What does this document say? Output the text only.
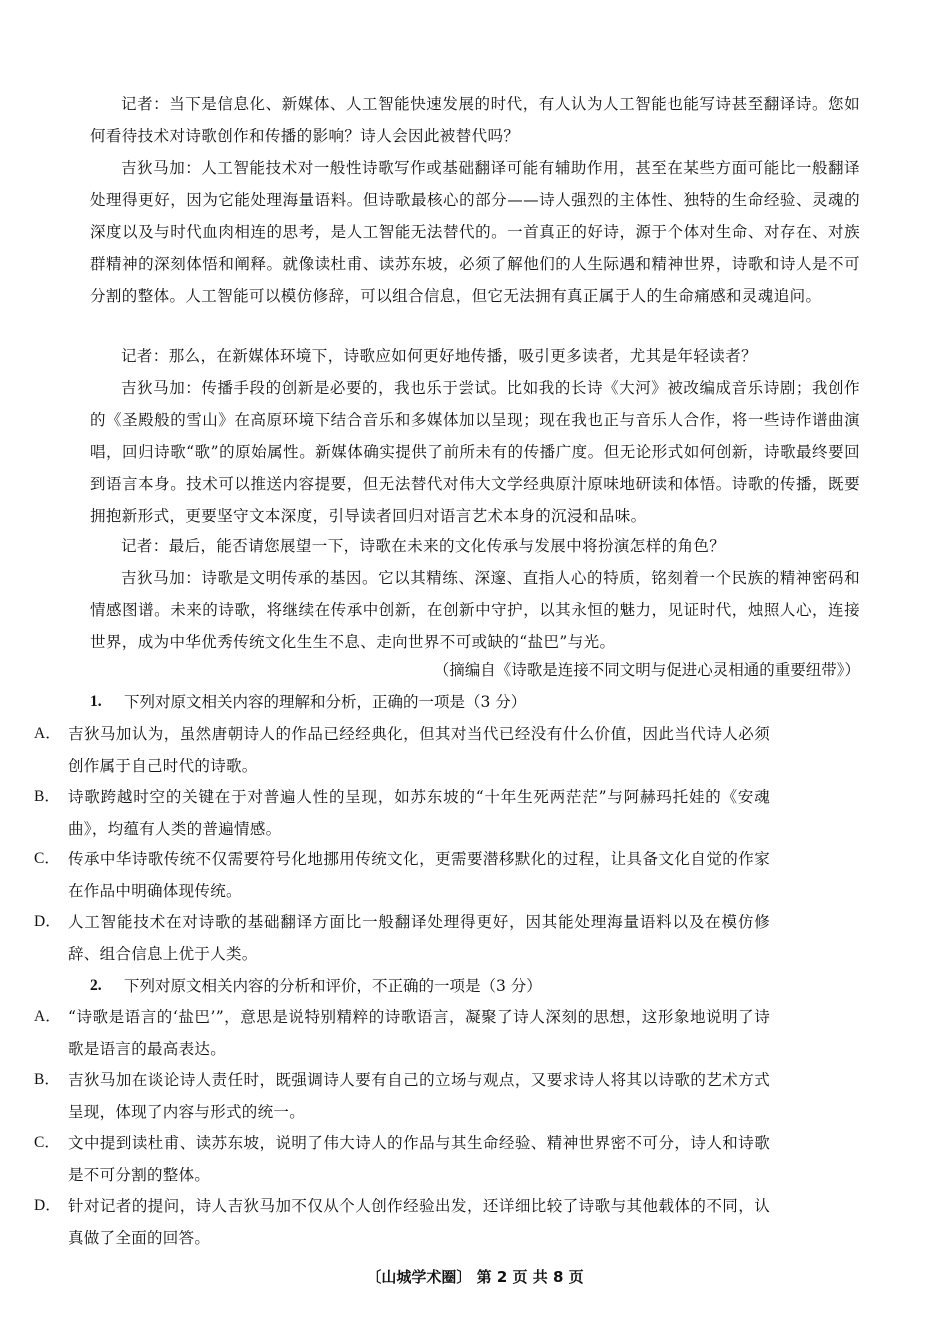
记者：当下是信息化、新媒体、人工智能快速发展的时代，有人认为人工智能也能写诗甚至翻译诗。您如何看待技术对诗歌创作和传播的影响？诗人会因此被替代吗？
吉狄马加：人工智能技术对一般性诗歌写作或基础翻译可能有辅助作用，甚至在某些方面可能比一般翻译处理得更好，因为它能处理海量语料。但诗歌最核心的部分——诗人强烈的主体性、独特的生命经验、灵魂的深度以及与时代血肉相连的思考，是人工智能无法替代的。一首真正的好诗，源于个体对生命、对存在、对族群精神的深刻体悟和阐释。就像读杜甫、读苏东坡，必须了解他们的人生际遇和精神世界，诗歌和诗人是不可分割的整体。人工智能可以模仿修辞，可以组合信息，但它无法拥有真正属于人的生命痛感和灵魂追问。
记者：那么，在新媒体环境下，诗歌应如何更好地传播，吸引更多读者，尤其是年轻读者？
吉狄马加：传播手段的创新是必要的，我也乐于尝试。比如我的长诗《大河》被改编成音乐诗剧；我创作的《圣殿般的雪山》在高原环境下结合音乐和多媒体加以呈现；现在我也正与音乐人合作，将一些诗作谱曲演唱，回归诗歌“歌”的原始属性。新媒体确实提供了前所未有的传播广度。但无论形式如何创新，诗歌最终要回到语言本身。技术可以推送内容提要，但无法替代对伟大文学经典原汁原味地研读和体悟。诗歌的传播，既要拥抱新形式，更要坚守文本深度，引导读者回归对语言艺术本身的沉浸和品味。
记者：最后，能否请您展望一下，诗歌在未来的文化传承与发展中将扮演怎样的角色？
吉狄马加：诗歌是文明传承的基因。它以其精练、深邃、直指人心的特质，铭刻着一个民族的精神密码和情感图谱。未来的诗歌，将继续在传承中创新，在创新中守护，以其永恒的魅力，见证时代，烛照人心，连接世界，成为中华优秀传统文化生生不息、走向世界不可或缺的“盐巴”与光。
（摘编自《诗歌是连接不同文明与促进心灵相通的重要纽带》）
1.	下列对原文相关内容的理解和分析，正确的一项是（3 分）
A． 吉狄马加认为，虽然唐朝诗人的作品已经经典化，但其对当代已经没有什么价值，因此当代诗人必须创作属于自己时代的诗歌。
B． 诗歌跨越时空的关键在于对普遍人性的呈现，如苏东坡的“十年生死两茫茫”与阿赫玛托娃的《安魂曲》，均蕴有人类的普遍情感。
C． 传承中华诗歌传统不仅需要符号化地挪用传统文化，更需要潜移默化的过程，让具备文化自觉的作家在作品中明确体现传统。
D． 人工智能技术在对诗歌的基础翻译方面比一般翻译处理得更好，因其能处理海量语料以及在模仿修辞、组合信息上优于人类。
2.	下列对原文相关内容的分析和评价，不正确的一项是（3 分）
A． “诗歌是语言的‘盐巴’”，意思是说特别精粹的诗歌语言，凝聚了诗人深刻的思想，这形象地说明了诗歌是语言的最高表达。
B． 吉狄马加在谈论诗人责任时，既强调诗人要有自己的立场与观点，又要求诗人将其以诗歌的艺术方式呈现，体现了内容与形式的统一。
C． 文中提到读杜甫、读苏东坡，说明了伟大诗人的作品与其生命经验、精神世界密不可分，诗人和诗歌是不可分割的整体。
D． 针对记者的提问，诗人吉狄马加不仅从个人创作经验出发，还详细比较了诗歌与其他载体的不同，认真做了全面的回答。
〔山城学术圈〕 第 2 页 共 8 页
